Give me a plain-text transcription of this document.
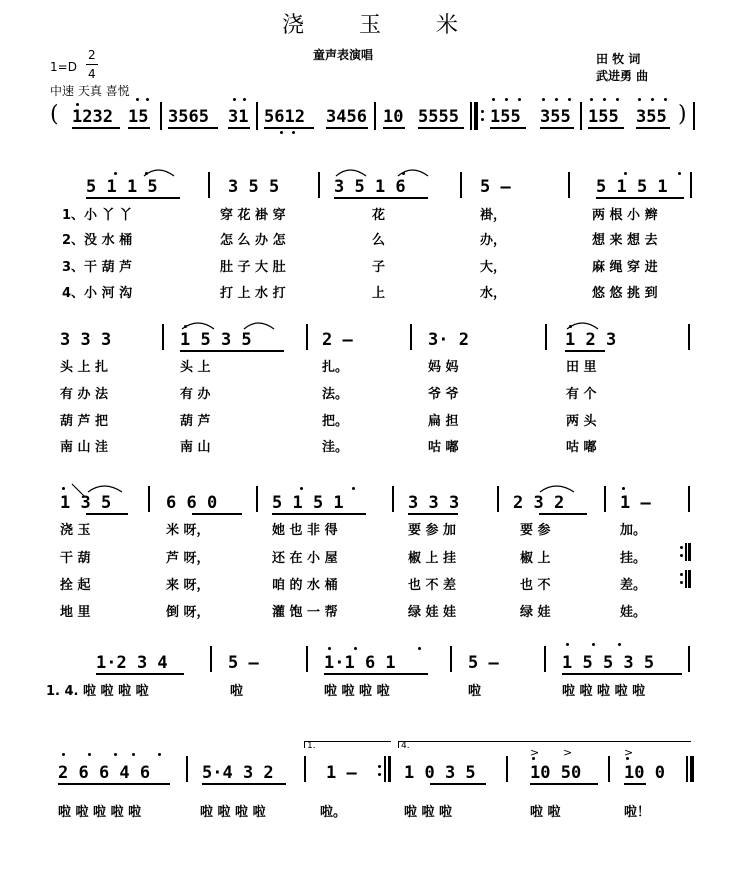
浇 玉 米
童声表演唱
1=D
2
4
中速 天真 喜悦
田 牧 词
武进勇 曲
( 1232 15 3565 31 5612 3456 10 5555 155 355 155 355 )
5 1 1 5	3 5 5	3 5 1 6	5 –	5 1 5 1
1、小 丫 丫	穿 花 褂 穿	花	褂，	两 根 小 辫
2、没 水 桶	怎 么 办 怎	么	办，	想 来 想 去
3、干 葫 芦	肚 子 大 肚	子	大，	麻 绳 穿 进
4、小 河 沟	打 上 水 打	上	水，	悠 悠 挑 到
3 3 3	1 5 3 5	2 –	3· 2	1 2 3
头 上 扎	头 上	扎。	妈 妈	田 里
有 办 法	有 办	法。	爷 爷	有 个
葫 芦 把	葫 芦	把。	扁 担	两 头
南 山 洼	南 山	洼。	咕 嘟	咕 嘟
1 3 5	6 6 0	5 1 5 1	3 3 3	2 3 2	1 –
浇 玉	米 呀，	她 也 非 得	要 参 加	要 参	加。
干 葫	芦 呀，	还 在 小 屋	椒 上 挂	椒 上	挂。
拴 起	来 呀，	咱 的 水 桶	也 不 差	也 不	差。
地 里	倒 呀，	灌 饱 一 帮	绿 娃 娃	绿 娃	娃。
1·2 3 4	5 –	1·1 6 1	5 –	1 5 5 3 5
1. 4. 啦 啦 啦 啦	啦	啦 啦 啦 啦	啦	啦 啦 啦 啦 啦
1.	4.
2 6 6 4 6	5·4 3 2	1 –	1 0 3 5	10 50	10 0
> >	>
啦 啦 啦 啦 啦	啦 啦 啦 啦	啦。	啦 啦 啦	啦 啦	啦！
